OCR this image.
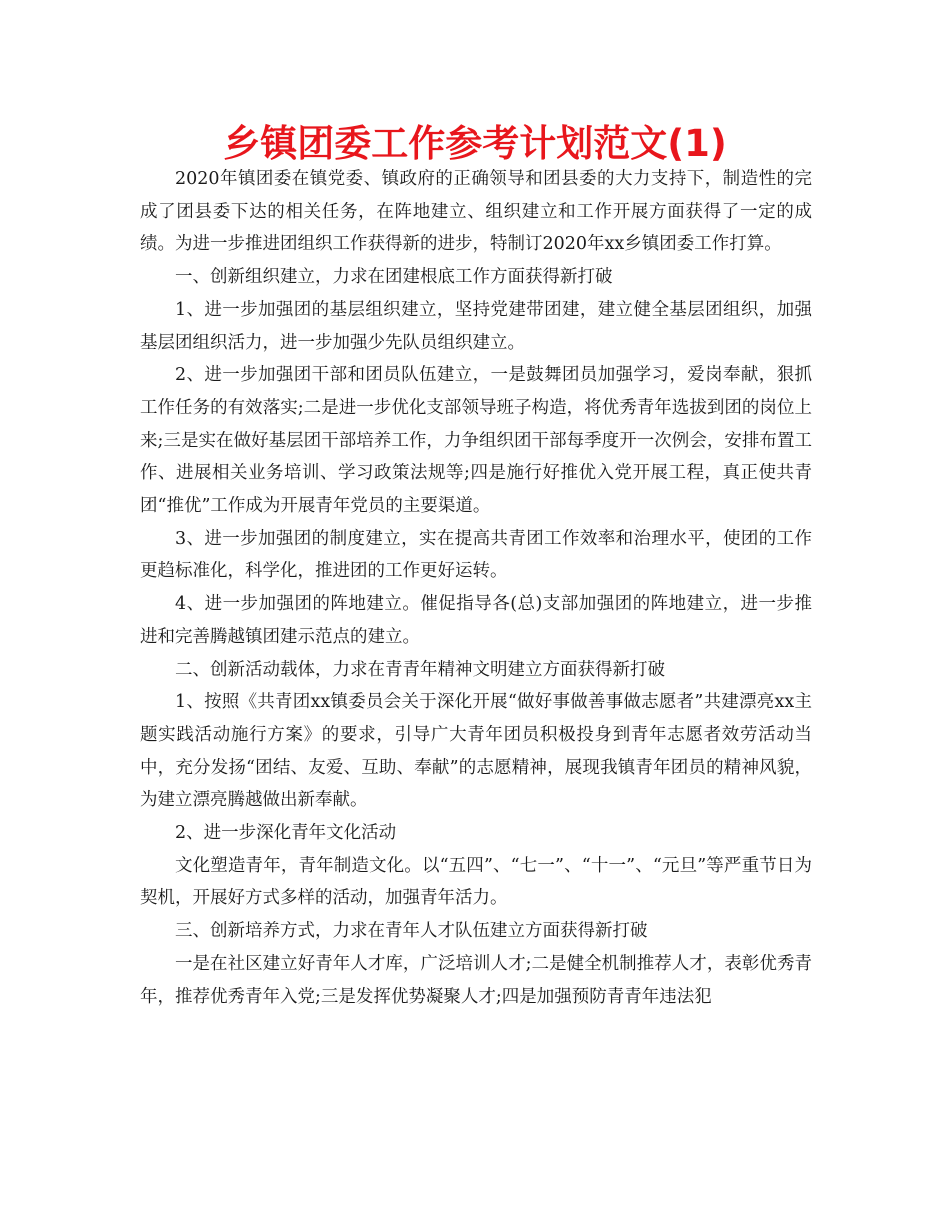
乡镇团委工作参考计划范文(1)

2020年镇团委在镇党委、镇政府的正确领导和团县委的大力支持下，制造性的完成了团县委下达的相关任务，在阵地建立、组织建立和工作开展方面获得了一定的成绩。为进一步推进团组织工作获得新的进步，特制订2020年xx乡镇团委工作打算。

一、创新组织建立，力求在团建根底工作方面获得新打破

1、进一步加强团的基层组织建立，坚持党建带团建，建立健全基层团组织，加强基层团组织活力，进一步加强少先队员组织建立。

2、进一步加强团干部和团员队伍建立，一是鼓舞团员加强学习，爱岗奉献，狠抓工作任务的有效落实;二是进一步优化支部领导班子构造，将优秀青年选拔到团的岗位上来;三是实在做好基层团干部培养工作，力争组织团干部每季度开一次例会，安排布置工作、进展相关业务培训、学习政策法规等;四是施行好推优入党开展工程，真正使共青团“推优”工作成为开展青年党员的主要渠道。

3、进一步加强团的制度建立，实在提高共青团工作效率和治理水平，使团的工作更趋标准化，科学化，推进团的工作更好运转。

4、进一步加强团的阵地建立。催促指导各(总)支部加强团的阵地建立，进一步推进和完善腾越镇团建示范点的建立。

二、创新活动载体，力求在青青年精神文明建立方面获得新打破

1、按照《共青团xx镇委员会关于深化开展“做好事做善事做志愿者”共建漂亮xx主题实践活动施行方案》的要求，引导广大青年团员积极投身到青年志愿者效劳活动当中，充分发扬“团结、友爱、互助、奉献”的志愿精神，展现我镇青年团员的精神风貌，为建立漂亮腾越做出新奉献。

2、进一步深化青年文化活动

文化塑造青年，青年制造文化。以“五四”、“七一”、“十一”、“元旦”等严重节日为契机，开展好方式多样的活动，加强青年活力。

三、创新培养方式，力求在青年人才队伍建立方面获得新打破

一是在社区建立好青年人才库，广泛培训人才;二是健全机制推荐人才，表彰优秀青年，推荐优秀青年入党;三是发挥优势凝聚人才;四是加强预防青青年违法犯
